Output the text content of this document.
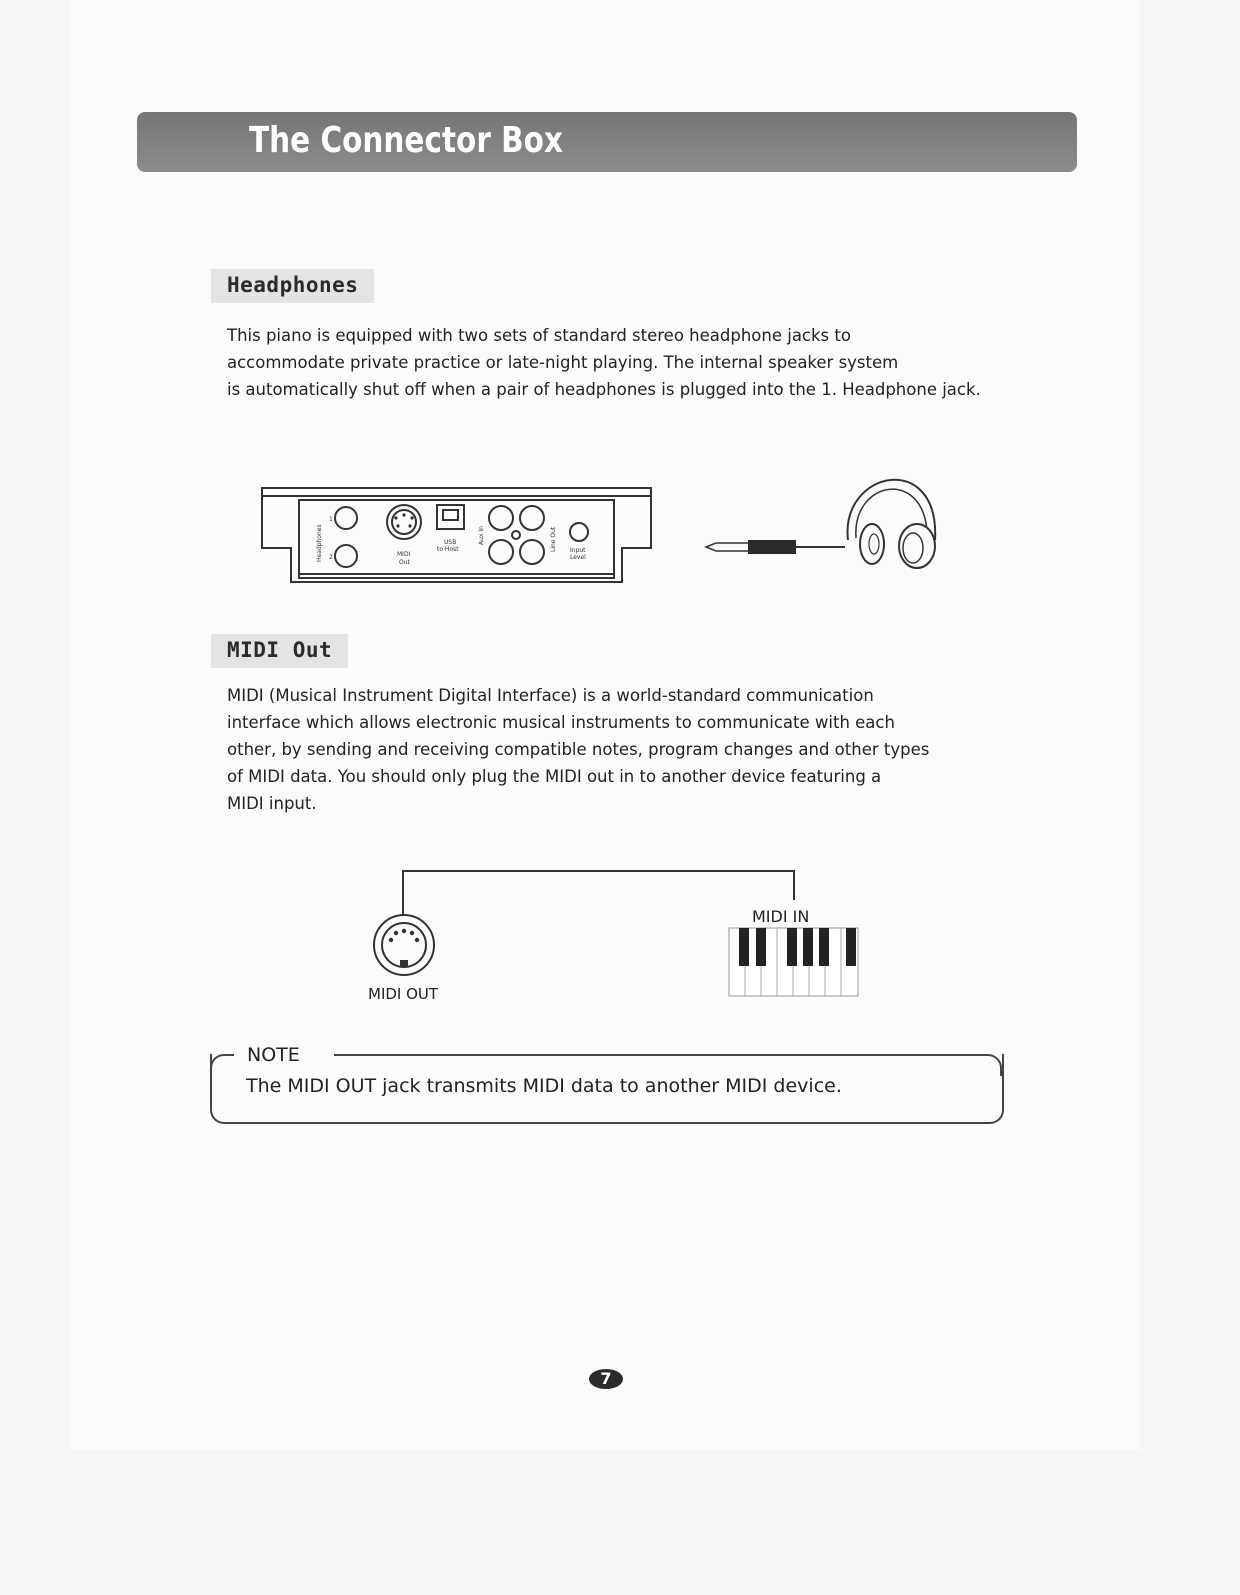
The Connector Box
Headphones
This piano is equipped with two sets of standard stereo headphone jacks to
accommodate private practice or late-night playing. The internal speaker system
is automatically shut off when a pair of headphones is plugged into the 1. Headphone jack.
MIDI Out
MIDI (Musical Instrument Digital Interface) is a world-standard communication
interface which allows electronic musical instruments to communicate with each
other, by sending and receiving compatible notes, program changes and other types
of MIDI data. You should only plug the MIDI out in to another device featuring a
MIDI input.
Headphones
1
2	MIDI
Out
USB
to Host
Aux In	Line Out Input
Level
MIDI OUT
MIDI IN
NOTE
The MIDI OUT jack transmits MIDI data to another MIDI device.
7
